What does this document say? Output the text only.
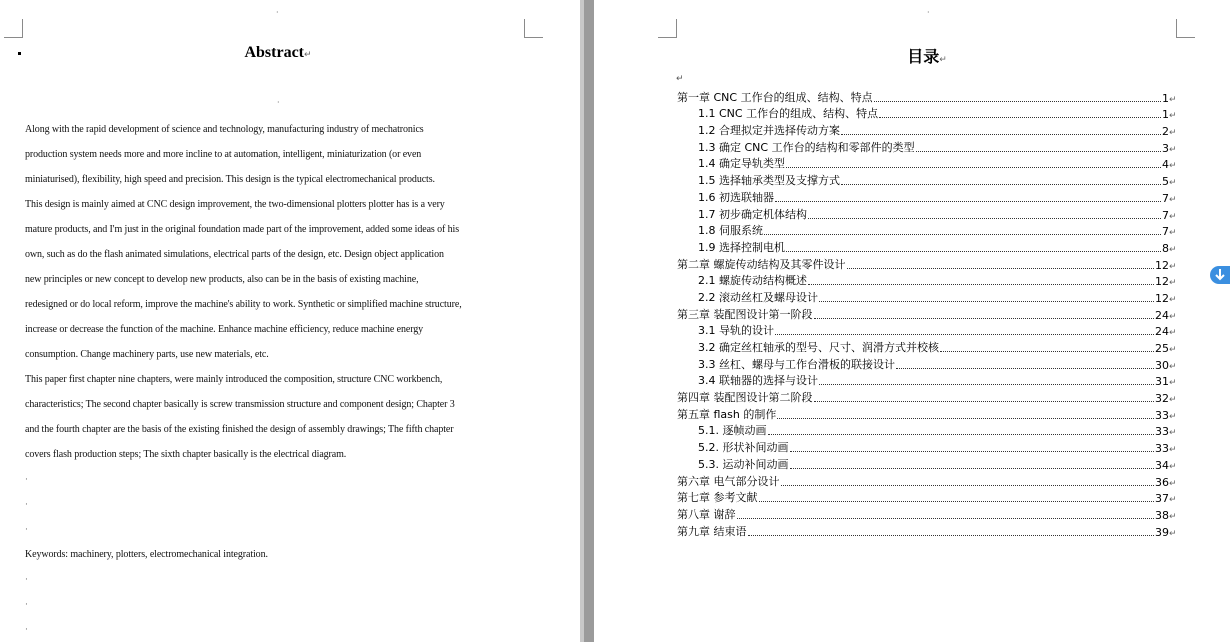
·
Abstract↵
·
Along with the rapid development of science and technology, manufacturing industry of mechatronics
production system needs more and more incline to at automation, intelligent, miniaturization (or even
miniaturised), flexibility, high speed and precision. This design is the typical electromechanical products.
This design is mainly aimed at CNC design improvement, the two-dimensional plotters plotter has is a very
mature products, and I'm just in the original foundation made part of the improvement, added some ideas of his
own, such as do the flash animated simulations, electrical parts of the design, etc. Design object application
new principles or new concept to develop new products, also can be in the basis of existing machine,
redesigned or do local reform, improve the machine's ability to work. Synthetic or simplified machine structure,
increase or decrease the function of the machine. Enhance machine efficiency, reduce machine energy
consumption. Change machinery parts, use new materials, etc.
This paper first chapter nine chapters, were mainly introduced the composition, structure CNC workbench,
characteristics; The second chapter basically is screw transmission structure and component design; Chapter 3
and the fourth chapter are the basis of the existing finished the design of assembly drawings; The fifth chapter
covers flash production steps; The sixth chapter basically is the electrical diagram.
·
·
·
Keywords: machinery, plotters, electromechanical integration.
·
·
·
·
目录↵
↵
第一章 CNC 工作台的组成、结构、特点	1 ↵
1.1 CNC 工作台的组成、结构、特点	1 ↵
1.2 合理拟定并选择传动方案	2 ↵
1.3 确定 CNC 工作台的结构和零部件的类型	3 ↵
1.4 确定导轨类型	4 ↵
1.5 选择轴承类型及支撑方式	5 ↵
1.6 初选联轴器	7 ↵
1.7 初步确定机体结构	7 ↵
1.8 伺服系统	7 ↵
1.9 选择控制电机	8 ↵
第二章 螺旋传动结构及其零件设计	12 ↵
2.1 螺旋传动结构概述	12 ↵
2.2 滚动丝杠及螺母设计	12 ↵
第三章 装配图设计第一阶段	24 ↵
3.1 导轨的设计	24 ↵
3.2 确定丝杠轴承的型号、尺寸、润滑方式并校核	25 ↵
3.3 丝杠、螺母与工作台滑板的联接设计	30 ↵
3.4 联轴器的选择与设计	31 ↵
第四章 装配图设计第二阶段	32 ↵
第五章 flash 的制作	33 ↵
5.1. 逐帧动画	33 ↵
5.2. 形状补间动画	33 ↵
5.3. 运动补间动画	34 ↵
第六章 电气部分设计	36 ↵
第七章 参考文献	37 ↵
第八章 谢辞	38 ↵
第九章 结束语	39 ↵
